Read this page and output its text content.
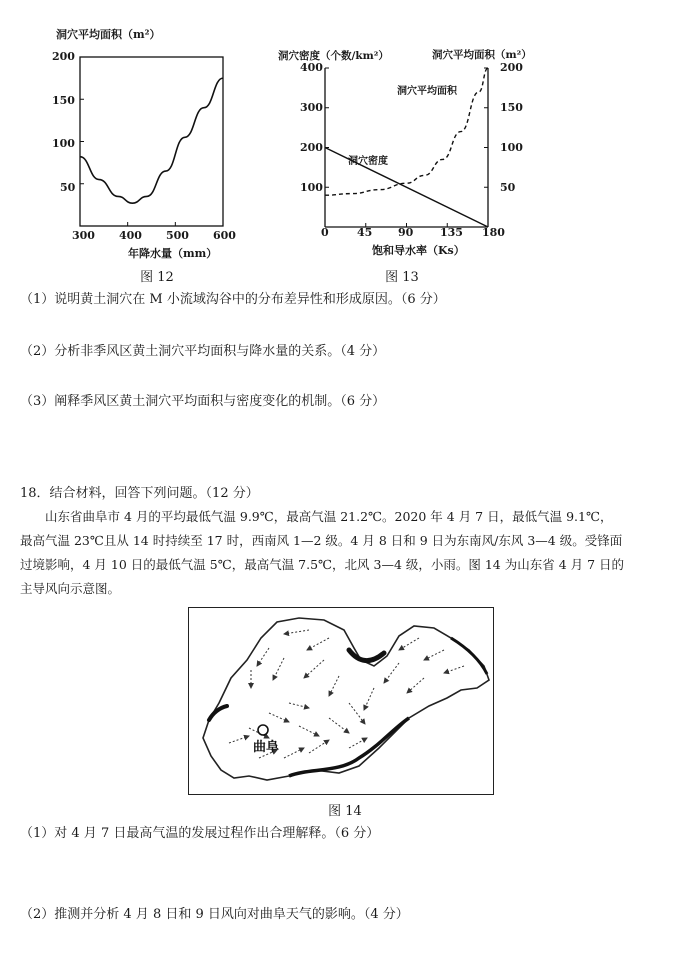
洞穴平均面积（m²）
200
150
100
50
300 400 500 600
年降水量（mm）
图 12
洞穴密度（个数/km²）	洞穴平均面积（m²）
400
300
200
100
200
150
100
50
0	45 90 135 180
饱和导水率（Ks）
洞穴平均面积
洞穴密度
图 13
（1）说明黄土洞穴在 M 小流域沟谷中的分布差异性和形成原因。（6 分）
（2）分析非季风区黄土洞穴平均面积与降水量的关系。（4 分）
（3）阐释季风区黄土洞穴平均面积与密度变化的机制。（6 分）
18．结合材料，回答下列问题。（12 分）

　　山东省曲阜市 4 月的平均最低气温 9.9℃，最高气温 21.2℃。2020 年 4 月 7 日，最低气温 9.1℃，

最高气温 23℃且从 14 时持续至 17 时，西南风 1—2 级。4 月 8 日和 9 日为东南风/东风 3—4 级。受锋面

过境影响，4 月 10 日的最低气温 5℃，最高气温 7.5℃，北风 3—4 级，小雨。图 14 为山东省 4 月 7 日的

主导风向示意图。

曲阜
图 14
（1）对 4 月 7 日最高气温的发展过程作出合理解释。（6 分）
（2）推测并分析 4 月 8 日和 9 日风向对曲阜天气的影响。（4 分）
